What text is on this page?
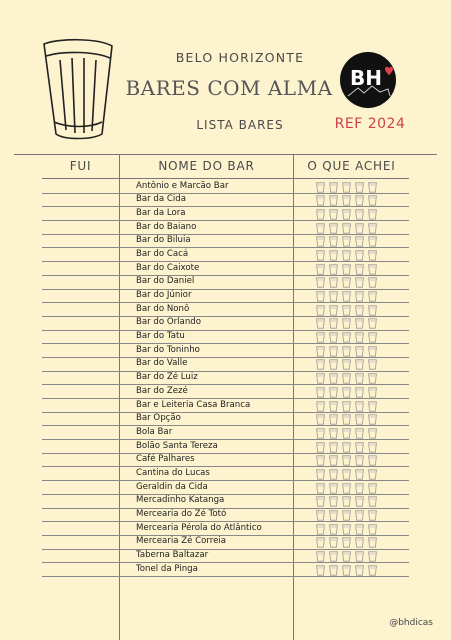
BELO HORIZONTE
BARES COM ALMA
LISTA BARES
BH
REF 2024
FUI	NOME DO BAR	O QUE ACHEI
Antônio e Marcão Bar
Bar da Cida
Bar da Lora
Bar do Baiano
Bar do Biluia
Bar do Cacá
Bar do Caixote
Bar do Daniel
Bar do Júnior
Bar do Nonô
Bar do Orlando
Bar do Tatu
Bar do Toninho
Bar do Valle
Bar do Zé Luiz
Bar do Zezé
Bar e Leiteria Casa Branca
Bar Opção
Bola Bar
Bolão Santa Tereza
Café Palhares
Cantina do Lucas
Geraldin da Cida
Mercadinho Katanga
Mercearia do Zé Totó
Mercearia Pérola do Atlântico
Mercearia Zé Correia
Taberna Baltazar
Tonel da Pinga
@bhdicas
